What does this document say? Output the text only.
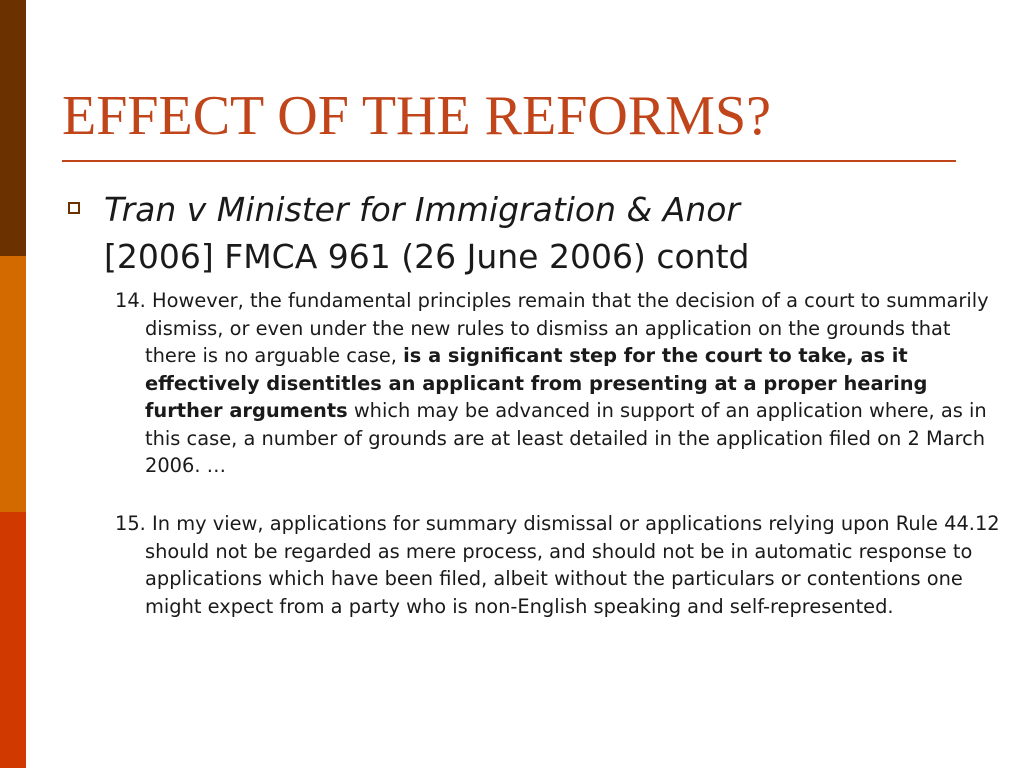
EFFECT OF THE REFORMS?

Tran v Minister for Immigration & Anor
[2006] FMCA 961 (26 June 2006) contd

14. However, the fundamental principles remain that the decision of a court to summarily dismiss, or even under the new rules to dismiss an application on the grounds that there is no arguable case, is a significant step for the court to take, as it effectively disentitles an applicant from presenting at a proper hearing further arguments which may be advanced in support of an application where, as in this case, a number of grounds are at least detailed in the application filed on 2 March 2006. …

15. In my view, applications for summary dismissal or applications relying upon Rule 44.12 should not be regarded as mere process, and should not be in automatic response to applications which have been filed, albeit without the particulars or contentions one might expect from a party who is non-English speaking and self-represented.
